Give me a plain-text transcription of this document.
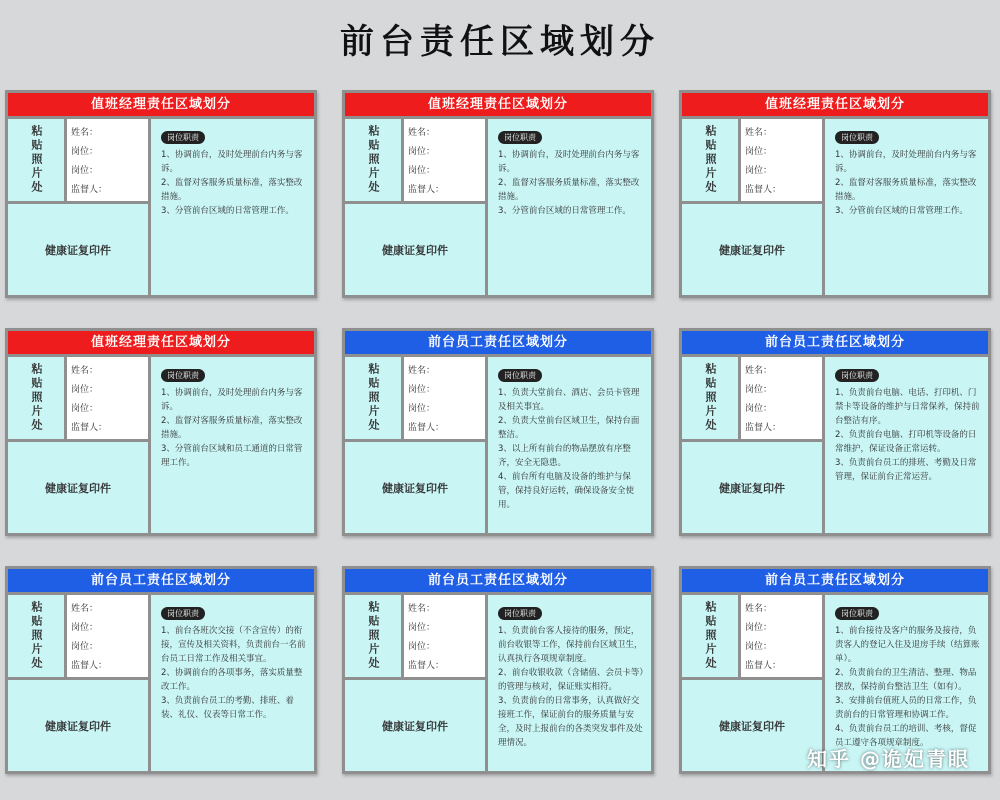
前台责任区域划分
值班经理责任区域划分
粘贴照片处	姓名：
岗位：
岗位：
监督人：
健康证复印件
岗位职责

1、协调前台，及时处理前台内务与客诉。

2、监督对客服务质量标准，落实整改措施。

3、分管前台区域的日常管理工作。

值班经理责任区域划分
粘贴照片处	姓名：
岗位：
岗位：
监督人：
健康证复印件
岗位职责

1、协调前台，及时处理前台内务与客诉。

2、监督对客服务质量标准，落实整改措施。

3、分管前台区域的日常管理工作。

值班经理责任区域划分
粘贴照片处	姓名：
岗位：
岗位：
监督人：
健康证复印件
岗位职责

1、协调前台，及时处理前台内务与客诉。

2、监督对客服务质量标准，落实整改措施。

3、分管前台区域的日常管理工作。

值班经理责任区域划分
粘贴照片处	姓名：
岗位：
岗位：
监督人：
健康证复印件
岗位职责

1、协调前台，及时处理前台内务与客诉。

2、监督对客服务质量标准，落实整改措施。

3、分管前台区域和员工通道的日常管理工作。

前台员工责任区域划分
粘贴照片处	姓名：
岗位：
岗位：
监督人：
健康证复印件
岗位职责

1、负责大堂前台、酒店、会员卡管理及相关事宜。

2、负责大堂前台区域卫生，保持台面整洁。

3、以上所有前台的物品摆放有序整齐，安全无隐患。

4、前台所有电脑及设备的维护与保管，保持良好运转，确保设备安全使用。

前台员工责任区域划分
粘贴照片处	姓名：
岗位：
岗位：
监督人：
健康证复印件
岗位职责

1、负责前台电脑、电话、打印机、门禁卡等设备的维护与日常保养，保持前台整洁有序。

2、负责前台电脑、打印机等设备的日常维护，保证设备正常运转。

3、负责前台员工的排班、考勤及日常管理，保证前台正常运营。

前台员工责任区域划分
粘贴照片处	姓名：
岗位：
岗位：
监督人：
健康证复印件
岗位职责

1、前台各班次交接（不含宣传）的衔接，宣传及相关资料，负责前台一名前台员工日常工作及相关事宜。

2、协调前台的各项事务，落实质量整改工作。

3、负责前台员工的考勤、排班、着装、礼仪、仪表等日常工作。

前台员工责任区域划分
粘贴照片处	姓名：
岗位：
岗位：
监督人：
健康证复印件
岗位职责

1、负责前台客人接待的服务，预定，前台收银等工作，保持前台区域卫生，认真执行各项规章制度。

2、前台收银收款（含储值、会员卡等）的管理与核对，保证账实相符。

3、负责前台的日常事务，认真做好交接班工作，保证前台的服务质量与安全，及时上报前台的各类突发事件及处理情况。

前台员工责任区域划分
粘贴照片处	姓名：
岗位：
岗位：
监督人：
健康证复印件
岗位职责

1、前台接待及客户的服务及接待，负责客人的登记入住及退房手续（结算账单）。

2、负责前台的卫生清洁、整理、物品摆放，保持前台整洁卫生（如有）。

3、安排前台值班人员的日常工作，负责前台的日常管理和协调工作。

4、负责前台员工的培训、考核，督促员工遵守各项规章制度。

知乎 @诡妃青眼
